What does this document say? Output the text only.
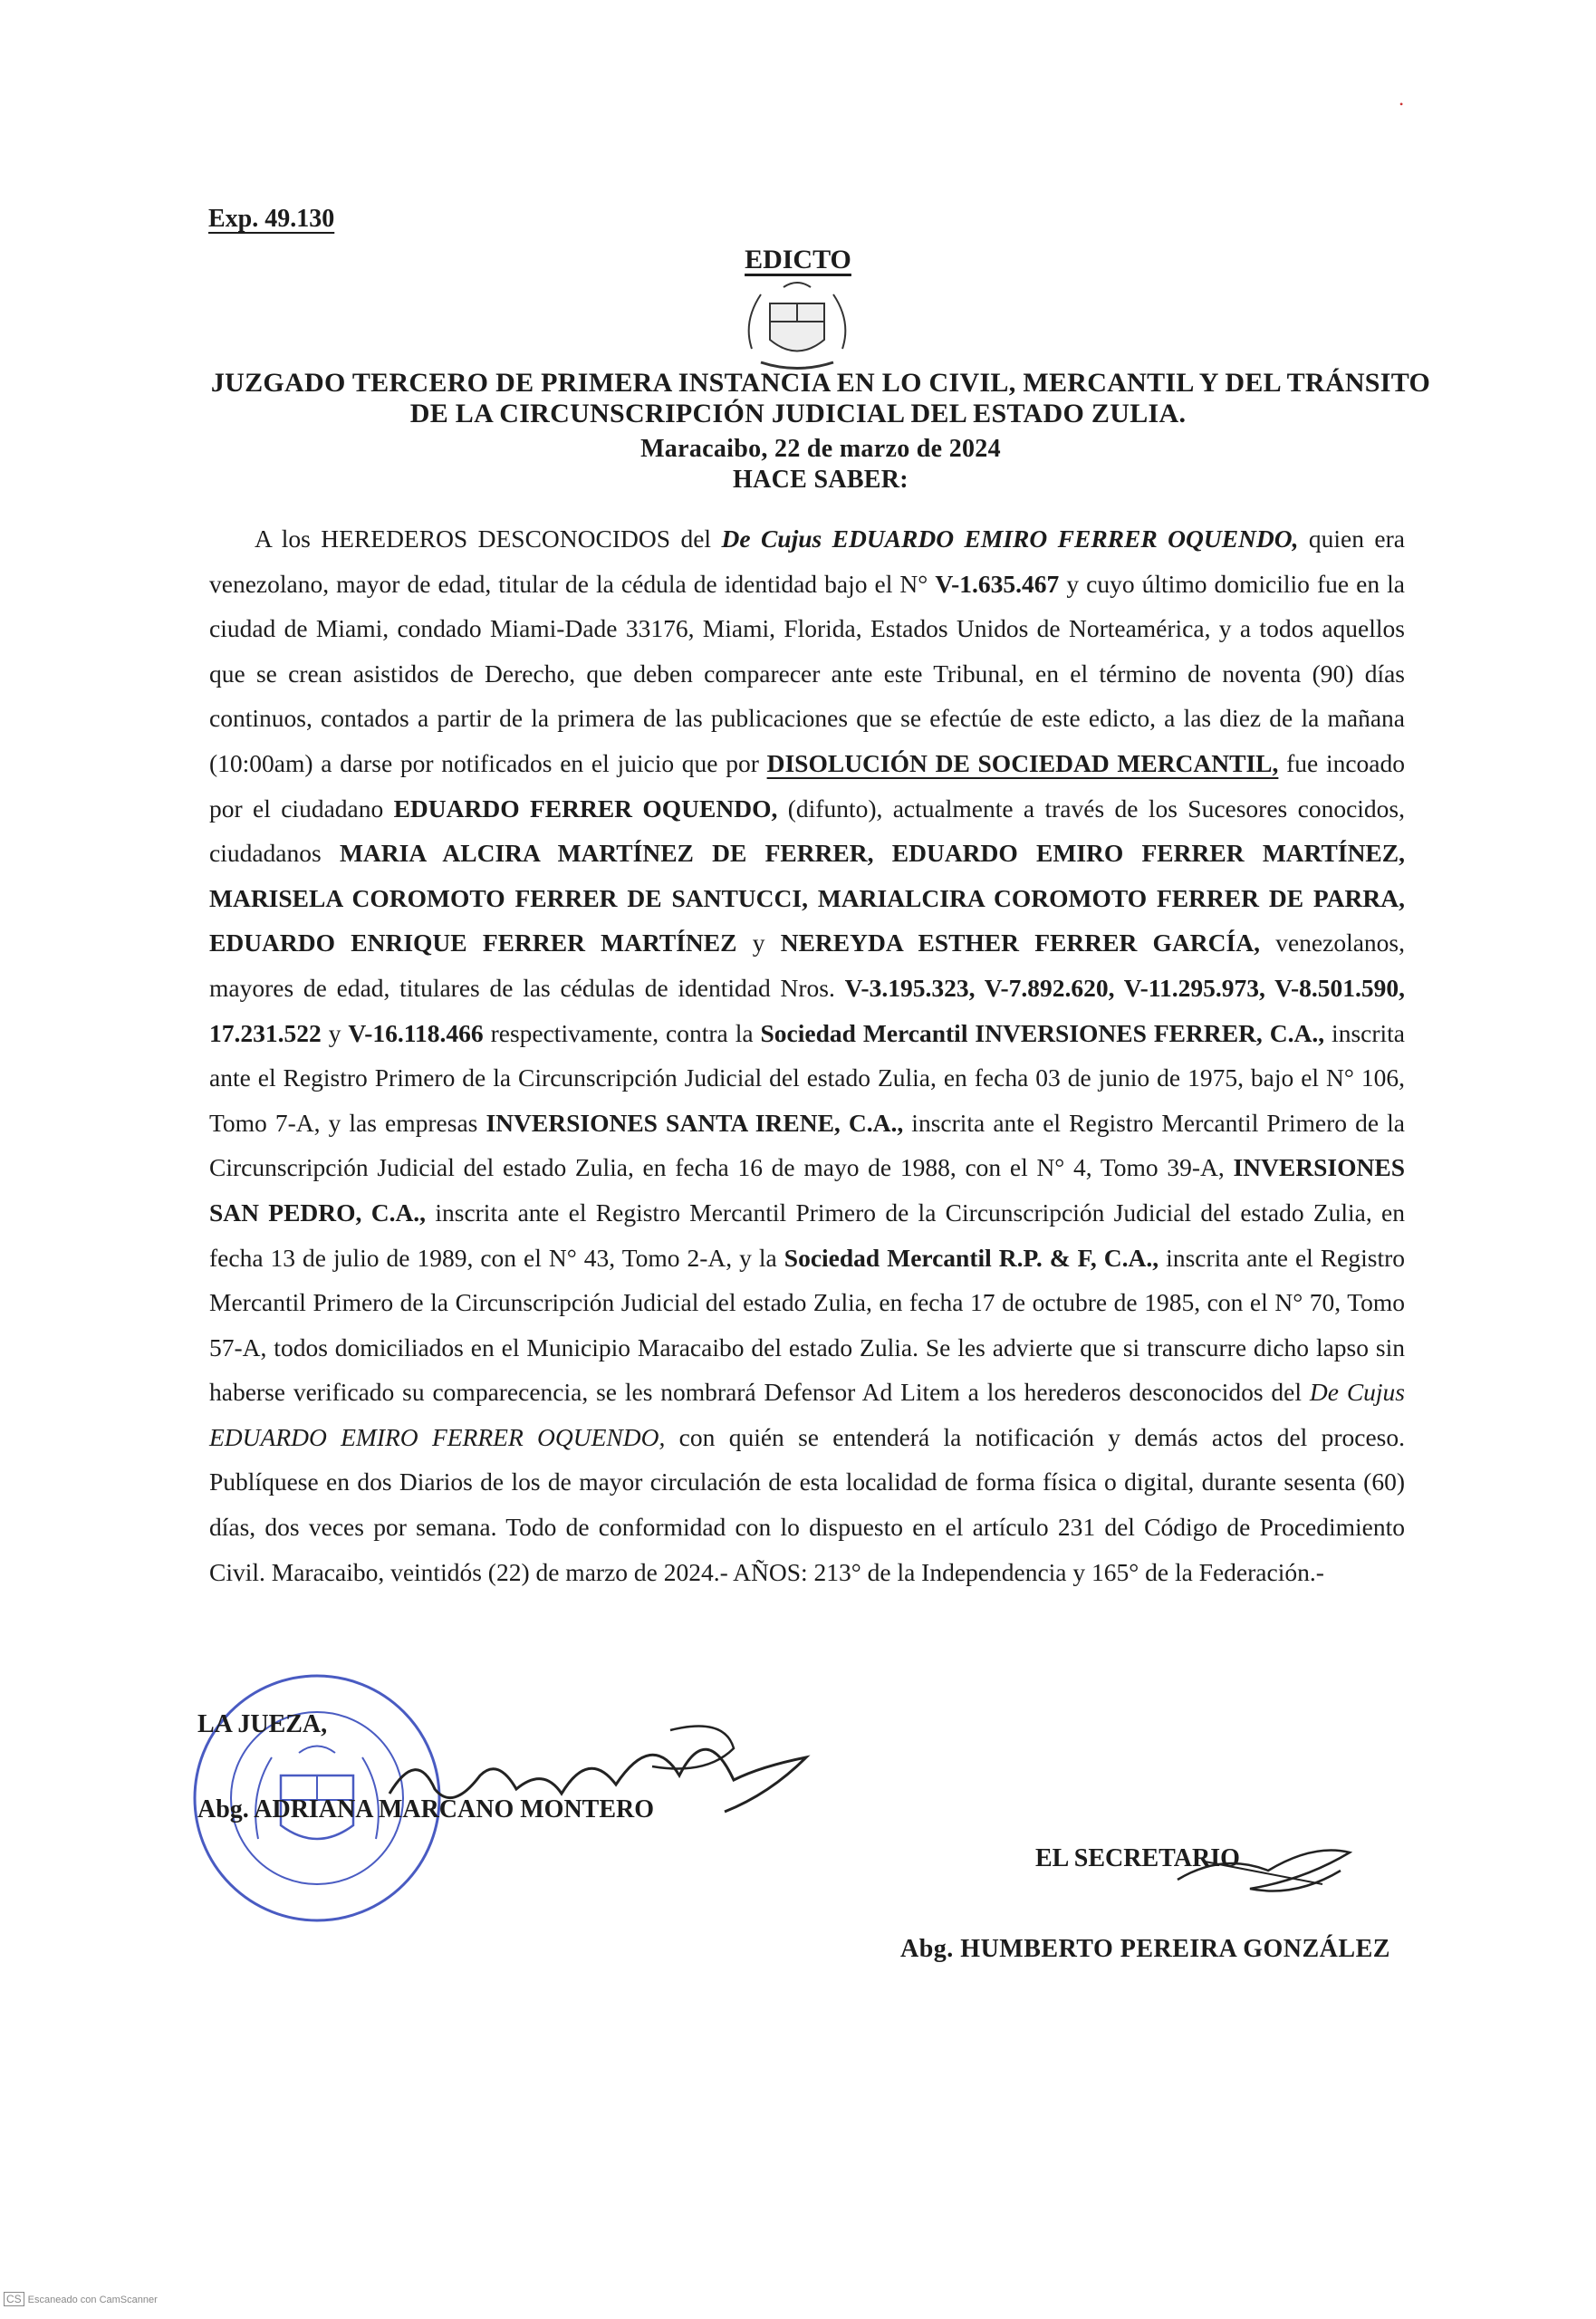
•
Exp. 49.130
EDICTO
JUZGADO TERCERO DE PRIMERA INSTANCIA EN LO CIVIL, MERCANTIL Y DEL TRÁNSITO
DE LA CIRCUNSCRIPCIÓN JUDICIAL DEL ESTADO ZULIA.
Maracaibo, 22 de marzo de 2024
HACE SABER:
A los HEREDEROS DESCONOCIDOS del De Cujus EDUARDO EMIRO FERRER OQUENDO, quien era venezolano, mayor de edad, titular de la cédula de identidad bajo el N° V-1.635.467 y cuyo último domicilio fue en la ciudad de Miami, condado Miami-Dade 33176, Miami, Florida, Estados Unidos de Norteamérica, y a todos aquellos que se crean asistidos de Derecho, que deben comparecer ante este Tribunal, en el término de noventa (90) días continuos, contados a partir de la primera de las publicaciones que se efectúe de este edicto, a las diez de la mañana (10:00am) a darse por notificados en el juicio que por DISOLUCIÓN DE SOCIEDAD MERCANTIL, fue incoado por el ciudadano EDUARDO FERRER OQUENDO, (difunto), actualmente a través de los Sucesores conocidos, ciudadanos MARIA ALCIRA MARTÍNEZ DE FERRER, EDUARDO EMIRO FERRER MARTÍNEZ, MARISELA COROMOTO FERRER DE SANTUCCI, MARIALCIRA COROMOTO FERRER DE PARRA, EDUARDO ENRIQUE FERRER MARTÍNEZ y NEREYDA ESTHER FERRER GARCÍA, venezolanos, mayores de edad, titulares de las cédulas de identidad Nros. V-3.195.323, V-7.892.620, V-11.295.973, V-8.501.590, 17.231.522 y V-16.118.466 respectivamente, contra la Sociedad Mercantil INVERSIONES FERRER, C.A., inscrita ante el Registro Primero de la Circunscripción Judicial del estado Zulia, en fecha 03 de junio de 1975, bajo el N° 106, Tomo 7-A, y las empresas INVERSIONES SANTA IRENE, C.A., inscrita ante el Registro Mercantil Primero de la Circunscripción Judicial del estado Zulia, en fecha 16 de mayo de 1988, con el N° 4, Tomo 39-A, INVERSIONES SAN PEDRO, C.A., inscrita ante el Registro Mercantil Primero de la Circunscripción Judicial del estado Zulia, en fecha 13 de julio de 1989, con el N° 43, Tomo 2-A, y la Sociedad Mercantil R.P. & F, C.A., inscrita ante el Registro Mercantil Primero de la Circunscripción Judicial del estado Zulia, en fecha 17 de octubre de 1985, con el N° 70, Tomo 57-A, todos domiciliados en el Municipio Maracaibo del estado Zulia. Se les advierte que si transcurre dicho lapso sin haberse verificado su comparecencia, se les nombrará Defensor Ad Litem a los herederos desconocidos del De Cujus EDUARDO EMIRO FERRER OQUENDO, con quién se entenderá la notificación y demás actos del proceso. Publíquese en dos Diarios de los de mayor circulación de esta localidad de forma física o digital, durante sesenta (60) días, dos veces por semana. Todo de conformidad con lo dispuesto en el artículo 231 del Código de Procedimiento Civil. Maracaibo, veintidós (22) de marzo de 2024.- AÑOS: 213° de la Independencia y 165° de la Federación.-
LA JUEZA,
Abg. ADRIANA MARCANO MONTERO
EL SECRETARIO
Abg. HUMBERTO PEREIRA GONZÁLEZ
CS Escaneado con CamScanner
